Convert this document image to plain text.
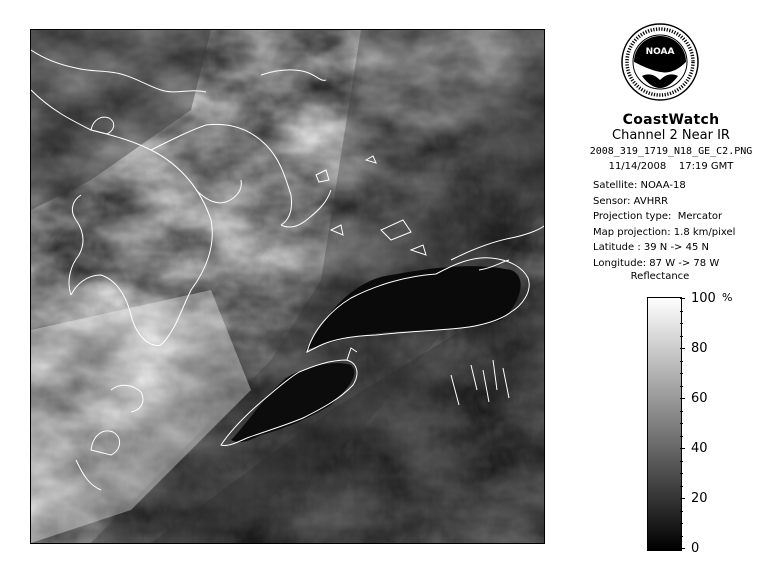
NOAA
CoastWatch
Channel 2 Near IR
2008_319_1719_N18_GE_C2.PNG
11/14/2008    17:19 GMT
Satellite: NOAA-18
Sensor: AVHRR
Projection type:  Mercator
Map projection: 1.8 km/pixel
Latitude : 39 N -> 45 N
Longitude: 87 W -> 78 W
Reflectance
%
100
80
60
40
20
0
